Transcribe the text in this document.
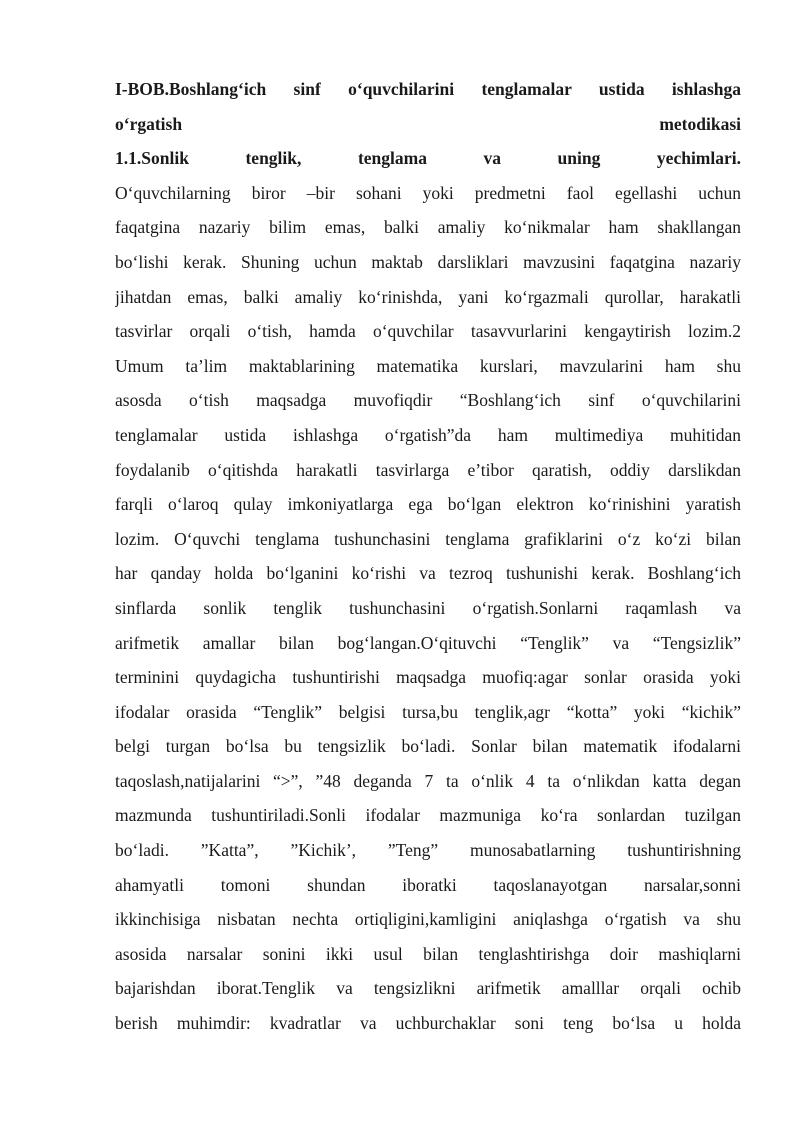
I-BOB.Boshlang‘ich sinf o‘quvchilarini tenglamalar ustida ishlashga
o‘rgatish metodikasi
1.1.Sonlik tenglik, tenglama va uning yechimlari.
O‘quvchilarning biror –bir sohani yoki predmetni faol egellashi uchun
faqatgina nazariy bilim emas, balki amaliy ko‘nikmalar ham shakllangan
bo‘lishi kerak. Shuning uchun maktab darsliklari mavzusini faqatgina nazariy
jihatdan emas, balki amaliy ko‘rinishda, yani ko‘rgazmali qurollar, harakatli
tasvirlar orqali o‘tish, hamda o‘quvchilar tasavvurlarini kengaytirish lozim.2
Umum ta’lim maktablarining matematika kurslari, mavzularini ham shu
asosda o‘tish maqsadga muvofiqdir “Boshlang‘ich sinf o‘quvchilarini
tenglamalar ustida ishlashga o‘rgatish”da ham multimediya muhitidan
foydalanib o‘qitishda harakatli tasvirlarga e’tibor qaratish, oddiy darslikdan
farqli o‘laroq qulay imkoniyatlarga ega bo‘lgan elektron ko‘rinishini yaratish
lozim. O‘quvchi tenglama tushunchasini tenglama grafiklarini o‘z ko‘zi bilan
har qanday holda bo‘lganini ko‘rishi va tezroq tushunishi kerak. Boshlang‘ich
sinflarda sonlik tenglik tushunchasini o‘rgatish.Sonlarni raqamlash va
arifmetik amallar bilan bog‘langan.O‘qituvchi “Tenglik” va “Tengsizlik”
terminini quydagicha tushuntirishi maqsadga muofiq:agar sonlar orasida yoki
ifodalar orasida “Tenglik” belgisi tursa,bu tenglik,agr “kotta” yoki “kichik”
belgi turgan bo‘lsa bu tengsizlik bo‘ladi. Sonlar bilan matematik ifodalarni
taqoslash,natijalarini “>”, ”48 deganda 7 ta o‘nlik 4 ta o‘nlikdan katta degan
mazmunda tushuntiriladi.Sonli ifodalar mazmuniga ko‘ra sonlardan tuzilgan
bo‘ladi. ”Katta”, ”Kichik’, ”Teng” munosabatlarning tushuntirishning
ahamyatli tomoni shundan iboratki taqoslanayotgan narsalar,sonni
ikkinchisiga nisbatan nechta ortiqligini,kamligini aniqlashga o‘rgatish va shu
asosida narsalar sonini ikki usul bilan tenglashtirishga doir mashiqlarni
bajarishdan iborat.Tenglik va tengsizlikni arifmetik amalllar orqali ochib
berish muhimdir: kvadratlar va uchburchaklar soni teng bo‘lsa u holda
